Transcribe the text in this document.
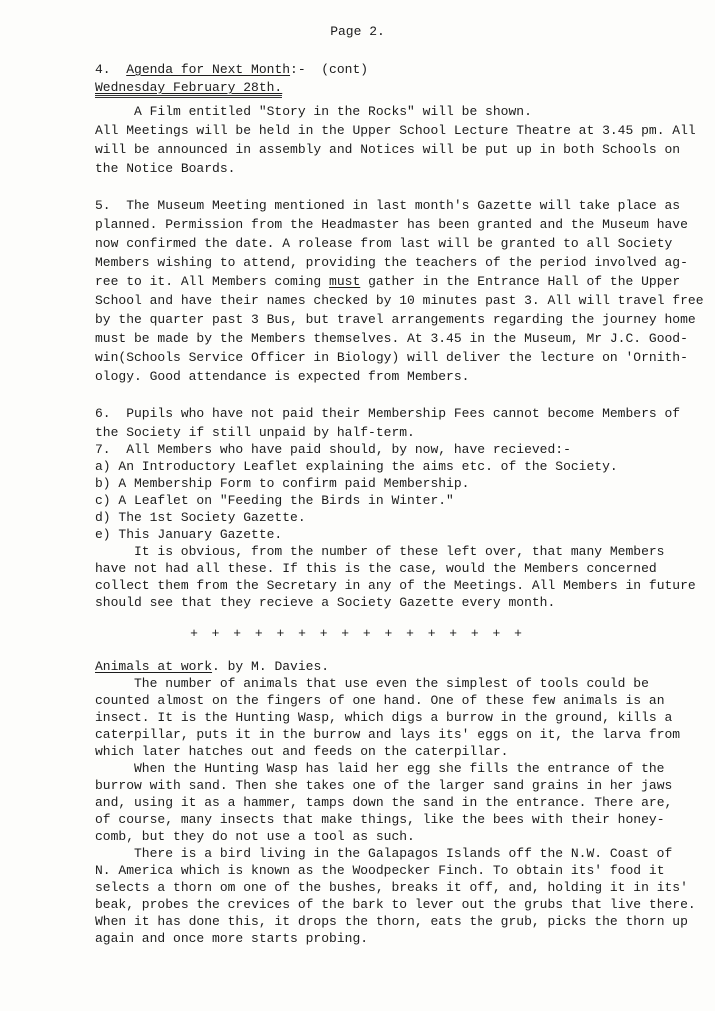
Page 2.
4. Agenda for Next Month:-  (cont)
Wednesday February 28th.
A Film entitled "Story in the Rocks" will be shown.
All Meetings will be held in the Upper School Lecture Theatre at 3.45 pm. All
will be announced in assembly and Notices will be put up in both Schools on
the Notice Boards.
5.  The Museum Meeting mentioned in last month's Gazette will take place as
planned. Permission from the Headmaster has been granted and the Museum have
now confirmed the date. A rolease from last will be granted to all Society
Members wishing to attend, providing the teachers of the period involved ag-
ree to it. All Members coming must gather in the Entrance Hall of the Upper
School and have their names checked by 10 minutes past 3. All will travel free
by the quarter past 3 Bus, but travel arrangements regarding the journey home
must be made by the Members themselves. At 3.45 in the Museum, Mr J.C. Good-
win(Schools Service Officer in Biology) will deliver the lecture on 'Ornith-
ology. Good attendance is expected from Members.
6.  Pupils who have not paid their Membership Fees cannot become Members of
the Society if still unpaid by half-term.
7.  All Members who have paid should, by now, have recieved:-
a) An Introductory Leaflet explaining the aims etc. of the Society.
b) A Membership Form to confirm paid Membership.
c) A Leaflet on "Feeding the Birds in Winter."
d) The 1st Society Gazette.
e) This January Gazette.
It is obvious, from the number of these left over, that many Members
have not had all these. If this is the case, would the Members concerned
collect them from the Secretary in any of the Meetings. All Members in future
should see that they recieve a Society Gazette every month.
+ + + + + + + + + + + + + + + +
Animals at work. by M. Davies.
The number of animals that use even the simplest of tools could be
counted almost on the fingers of one hand. One of these few animals is an
insect. It is the Hunting Wasp, which digs a burrow in the ground, kills a
caterpillar, puts it in the burrow and lays its' eggs on it, the larva from
which later hatches out and feeds on the caterpillar.
When the Hunting Wasp has laid her egg she fills the entrance of the
burrow with sand. Then she takes one of the larger sand grains in her jaws
and, using it as a hammer, tamps down the sand in the entrance. There are,
of course, many insects that make things, like the bees with their honey-
comb, but they do not use a tool as such.
There is a bird living in the Galapagos Islands off the N.W. Coast of
N. America which is known as the Woodpecker Finch. To obtain its' food it
selects a thorn om one of the bushes, breaks it off, and, holding it in its'
beak, probes the crevices of the bark to lever out the grubs that live there.
When it has done this, it drops the thorn, eats the grub, picks the thorn up
again and once more starts probing.
